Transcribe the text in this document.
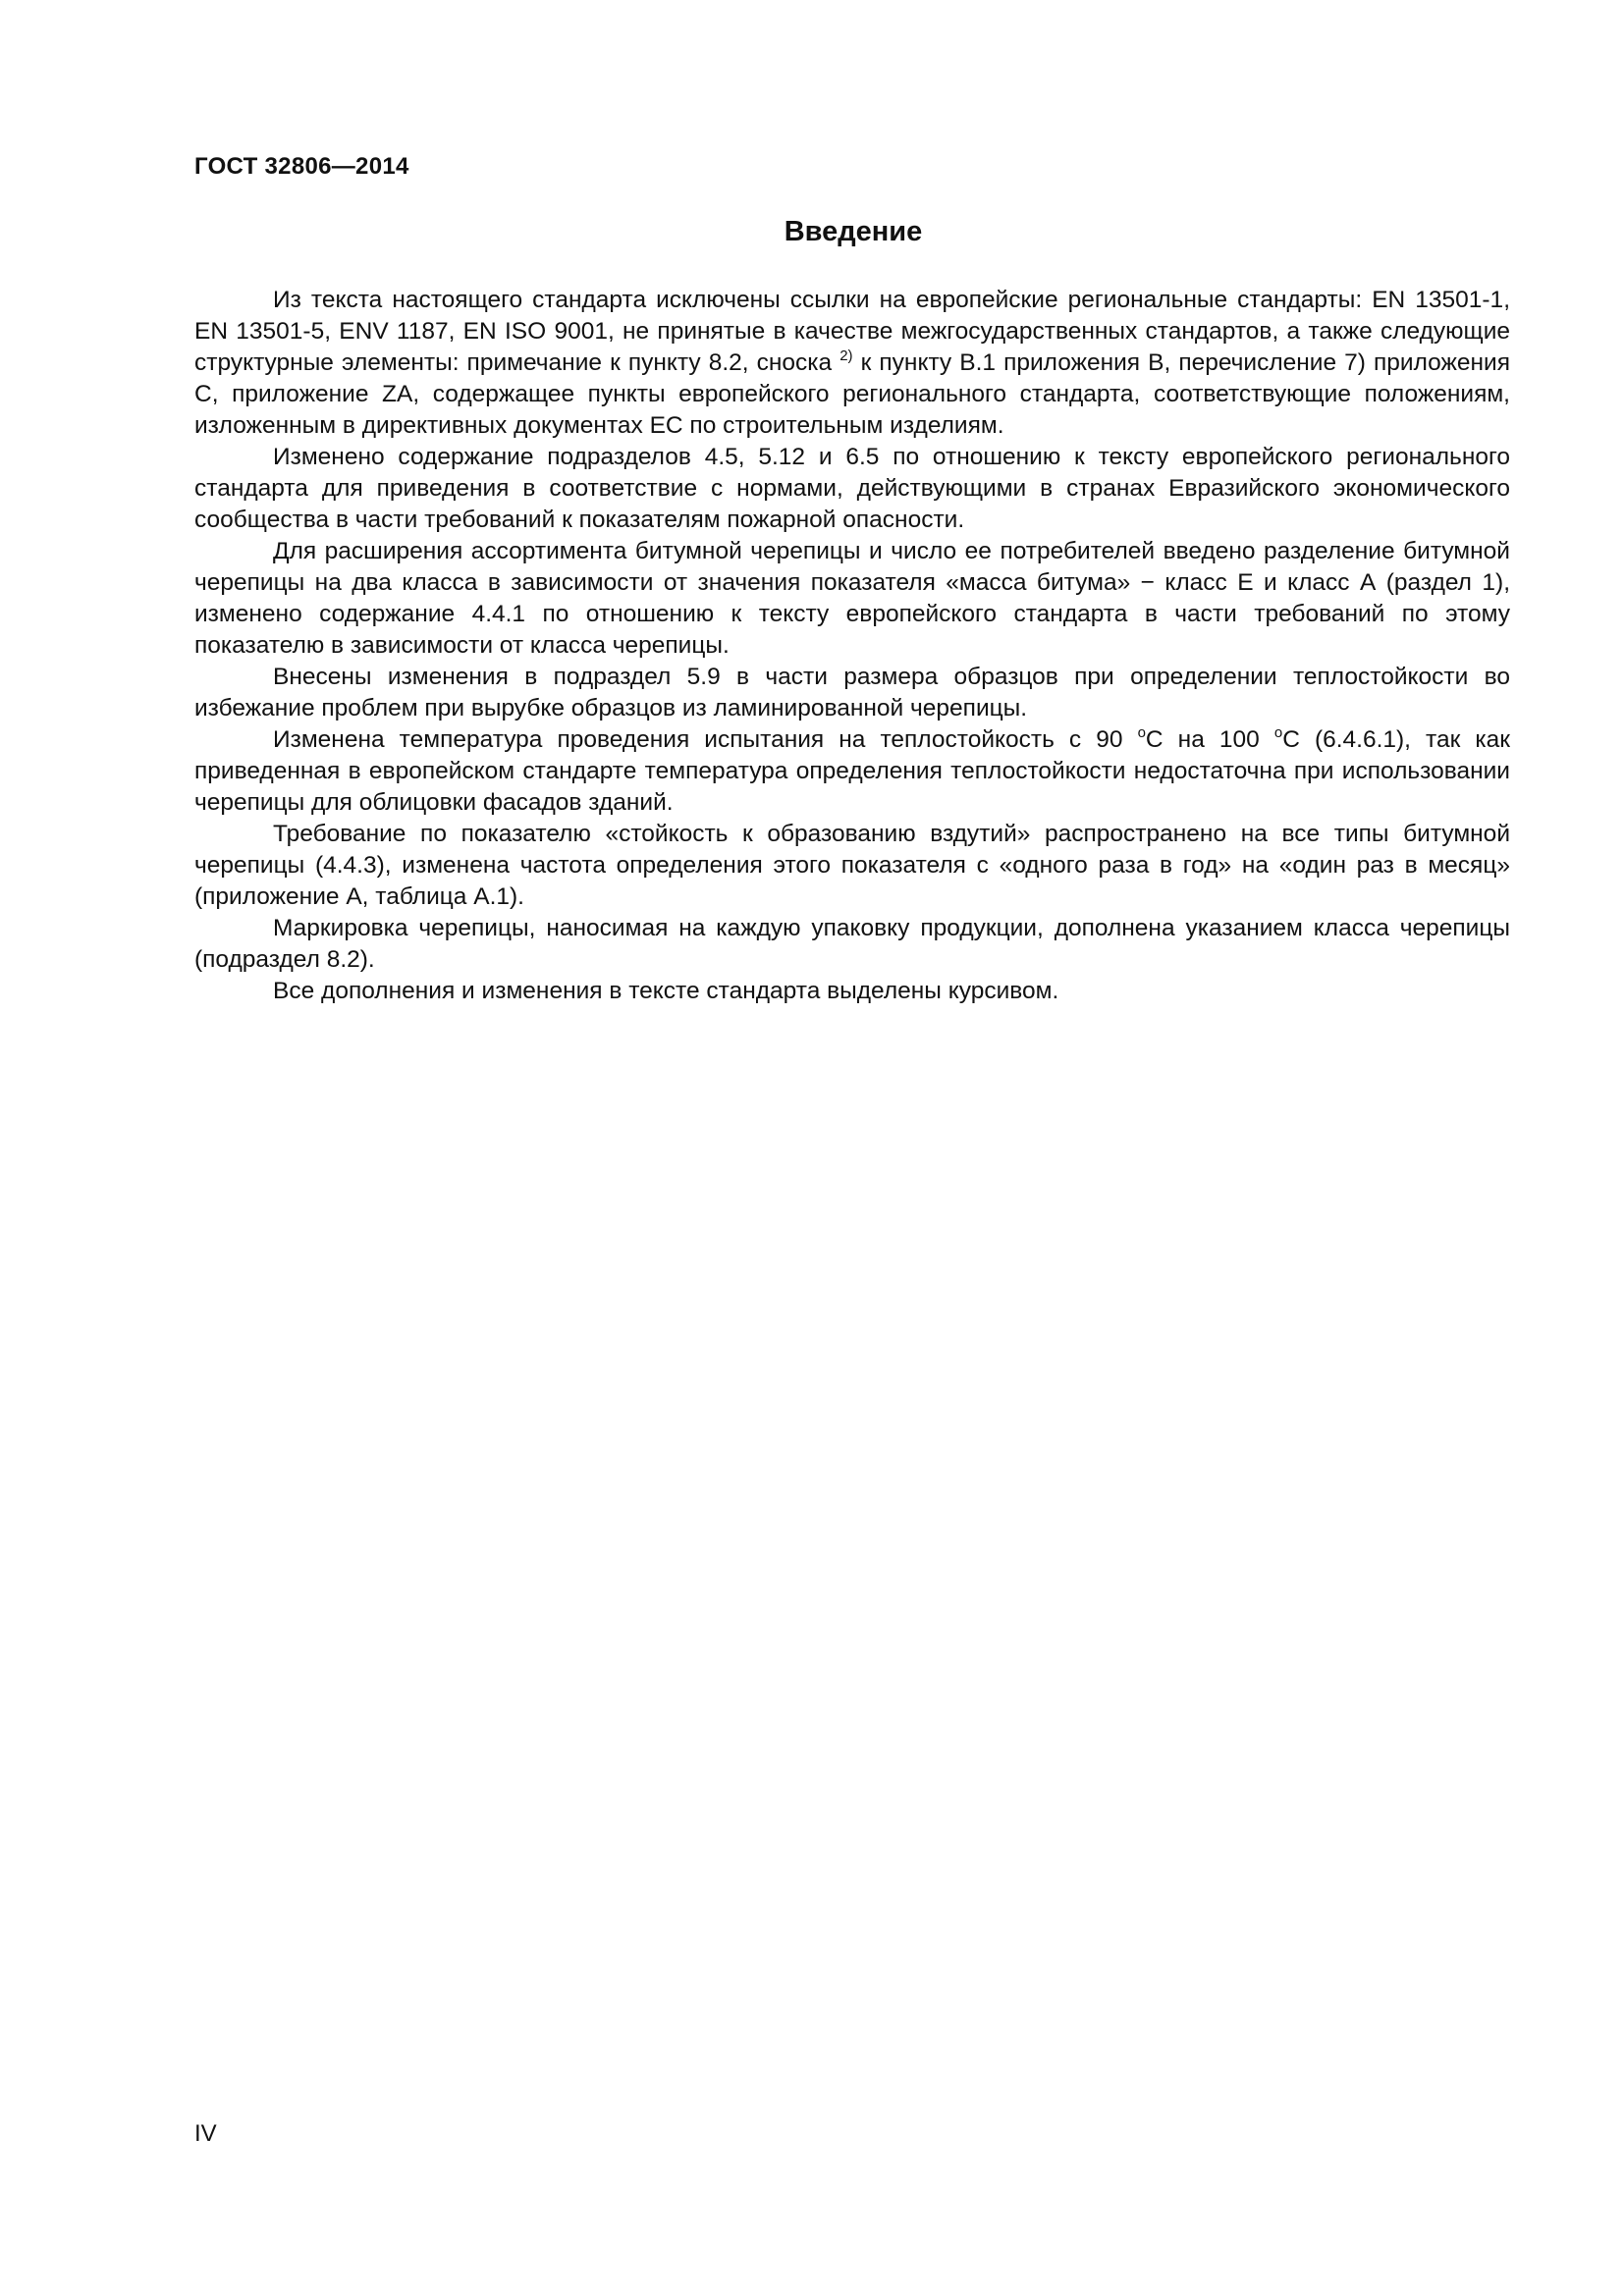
ГОСТ 32806—2014
Введение

Из текста настоящего стандарта исключены ссылки на европейские региональные стандарты: EN 13501-1, EN 13501-5, ENV 1187, EN ISO 9001, не принятые в качестве межгосударственных стандартов, а также следующие структурные элементы: примечание к пункту 8.2, сноска $^{2)}$ к пункту В.1 приложения В, перечисление 7) приложения С, приложение ZA, содержащее пункты европейского регионального стандарта, соответствующие положениям, изложенным в директивных документах ЕС по строительным изделиям.

Изменено содержание подразделов 4.5, 5.12 и 6.5 по отношению к тексту европейского регионального стандарта для приведения в соответствие с нормами, действующими в странах Евразийского экономического сообщества в части требований к показателям пожарной опасности.

Для расширения ассортимента битумной черепицы и число ее потребителей введено разделение битумной черепицы на два класса в зависимости от значения показателя «масса битума» − класс Е и класс А (раздел 1), изменено содержание 4.4.1 по отношению к тексту европейского стандарта в части требований по этому показателю в зависимости от класса черепицы.

Внесены изменения в подраздел 5.9 в части размера образцов при определении теплостойкости во избежание проблем при вырубке образцов из ламинированной черепицы.

Изменена температура проведения испытания на теплостойкость с 90 $^о$С на 100 $^о$С (6.4.6.1), так как приведенная в европейском стандарте температура определения теплостойкости недостаточна при использовании черепицы для облицовки фасадов зданий.

Требование по показателю «стойкость к образованию вздутий» распространено на все типы битумной черепицы (4.4.3), изменена частота определения этого показателя с «одного раза в год» на «один раз в месяц» (приложение А, таблица А.1).

Маркировка черепицы, наносимая на каждую упаковку продукции, дополнена указанием класса черепицы (подраздел 8.2).

Все дополнения и изменения в тексте стандарта выделены курсивом.

IV
